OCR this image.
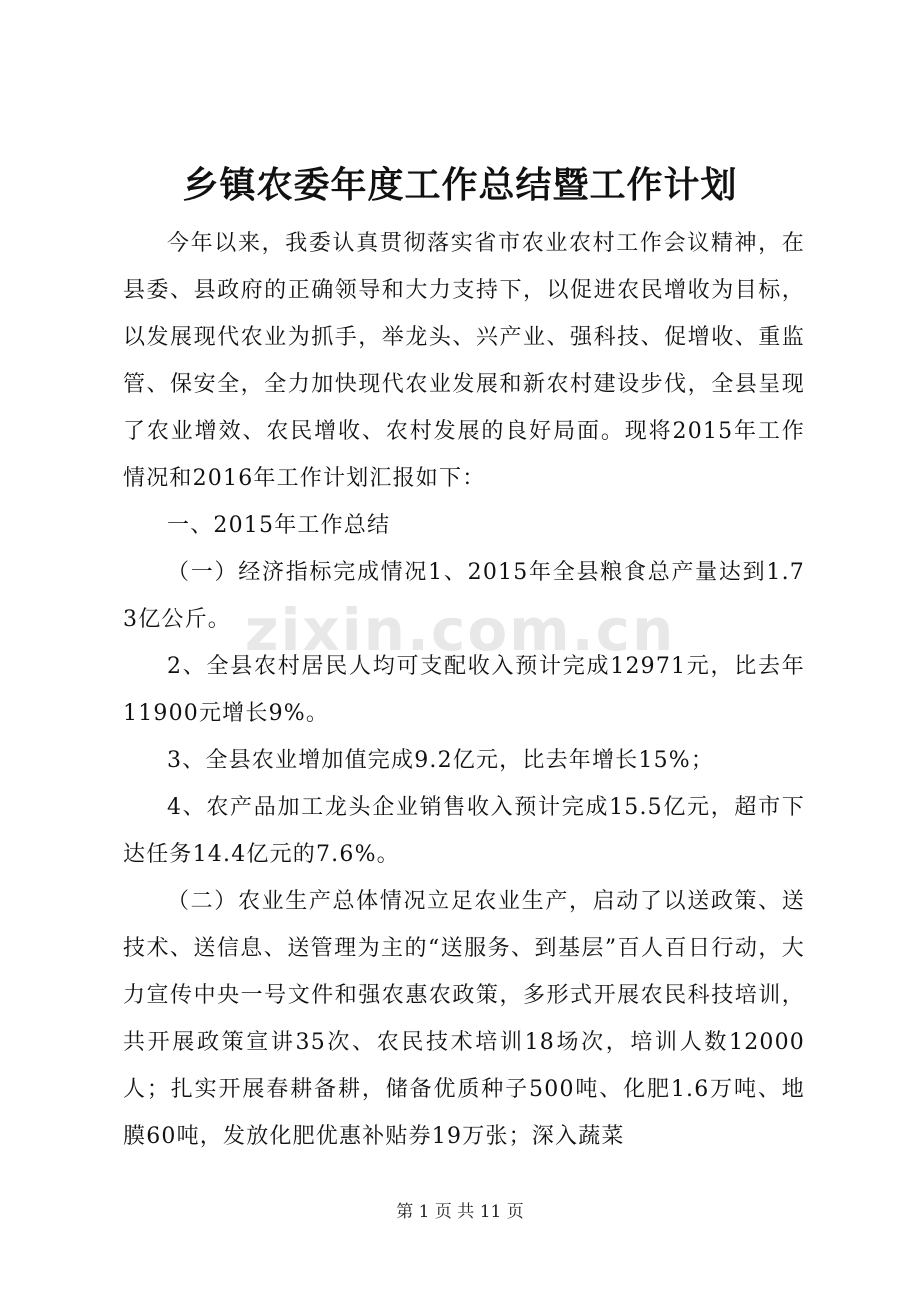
乡镇农委年度工作总结暨工作计划

今年以来，我委认真贯彻落实省市农业农村工作会议精神，在县委、县政府的正确领导和大力支持下，以促进农民增收为目标，以发展现代农业为抓手，举龙头、兴产业、强科技、促增收、重监管、保安全，全力加快现代农业发展和新农村建设步伐，全县呈现了农业增效、农民增收、农村发展的良好局面。现将2015年工作情况和2016年工作计划汇报如下：

一、2015年工作总结

（一）经济指标完成情况1、2015年全县粮食总产量达到1.73亿公斤。

2、全县农村居民人均可支配收入预计完成12971元，比去年11900元增长9%。

3、全县农业增加值完成9.2亿元，比去年增长15%；

4、农产品加工龙头企业销售收入预计完成15.5亿元，超市下达任务14.4亿元的7.6%。

（二）农业生产总体情况立足农业生产，启动了以送政策、送技术、送信息、送管理为主的“送服务、到基层”百人百日行动，大力宣传中央一号文件和强农惠农政策，多形式开展农民科技培训，共开展政策宣讲35次、农民技术培训18场次，培训人数12000人；扎实开展春耕备耕，储备优质种子500吨、化肥1.6万吨、地膜60吨，发放化肥优惠补贴券19万张；深入蔬菜

zixin.com.cn
第 1 页 共 11 页
